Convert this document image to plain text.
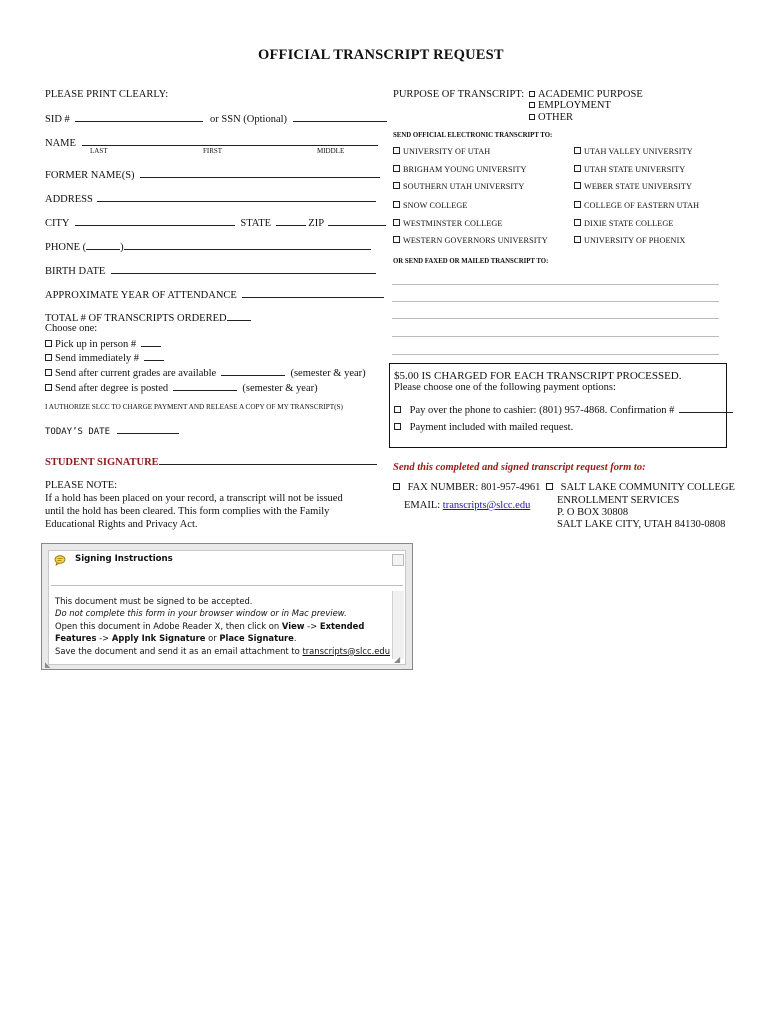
OFFICIAL TRANSCRIPT REQUEST
PLEASE PRINT CLEARLY:
SID #	or SSN (Optional)
NAME
LAST	FIRST	MIDDLE
FORMER NAME(S)
ADDRESS
CITY	STATE	ZIP
PHONE (	)
BIRTH DATE
APPROXIMATE YEAR OF ATTENDANCE
TOTAL # OF TRANSCRIPTS ORDERED
Choose one:
Pick up in person #
Send immediately #
Send after current grades are available	(semester & year)
Send after degree is posted	(semester & year)
I AUTHORIZE SLCC TO CHARGE PAYMENT AND RELEASE A COPY OF MY TRANSCRIPT(S)
TODAY’S DATE
STUDENT SIGNATURE
PLEASE NOTE:
If a hold has been placed on your record, a transcript will not be issued
until the hold has been cleared. This form complies with the Family
Educational Rights and Privacy Act.
PURPOSE OF TRANSCRIPT:	ACADEMIC PURPOSE
EMPLOYMENT
OTHER
SEND OFFICIAL ELECTRONIC TRANSCRIPT TO:
UNIVERSITY OF UTAH
BRIGHAM YOUNG UNIVERSITY
SOUTHERN UTAH UNIVERSITY
SNOW COLLEGE
WESTMINSTER COLLEGE
WESTERN GOVERNORS UNIVERSITY
UTAH VALLEY UNIVERSITY
UTAH STATE UNIVERSITY
WEBER STATE UNIVERSITY
COLLEGE OF EASTERN UTAH
DIXIE STATE COLLEGE
UNIVERSITY OF PHOENIX
OR SEND FAXED OR MAILED TRANSCRIPT TO:
$5.00 IS CHARGED FOR EACH TRANSCRIPT PROCESSED.
Please choose one of the following payment options:
Pay over the phone to cashier: (801) 957-4868. Confirmation #
Payment included with mailed request.
Send this completed and signed transcript request form to:
FAX NUMBER: 801-957-4961
EMAIL: transcripts@slcc.edu
SALT LAKE COMMUNITY COLLEGE
ENROLLMENT SERVICES
P. O BOX 30808
SALT LAKE CITY, UTAH 84130-0808
Signing Instructions
This document must be signed to be accepted.
Do not complete this form in your browser window or in Mac preview.
Open this document in Adobe Reader X, then click on View -> Extended
Features -> Apply Ink Signature or Place Signature.
Save the document and send it as an email attachment to transcripts@slcc.edu
◢
◣
